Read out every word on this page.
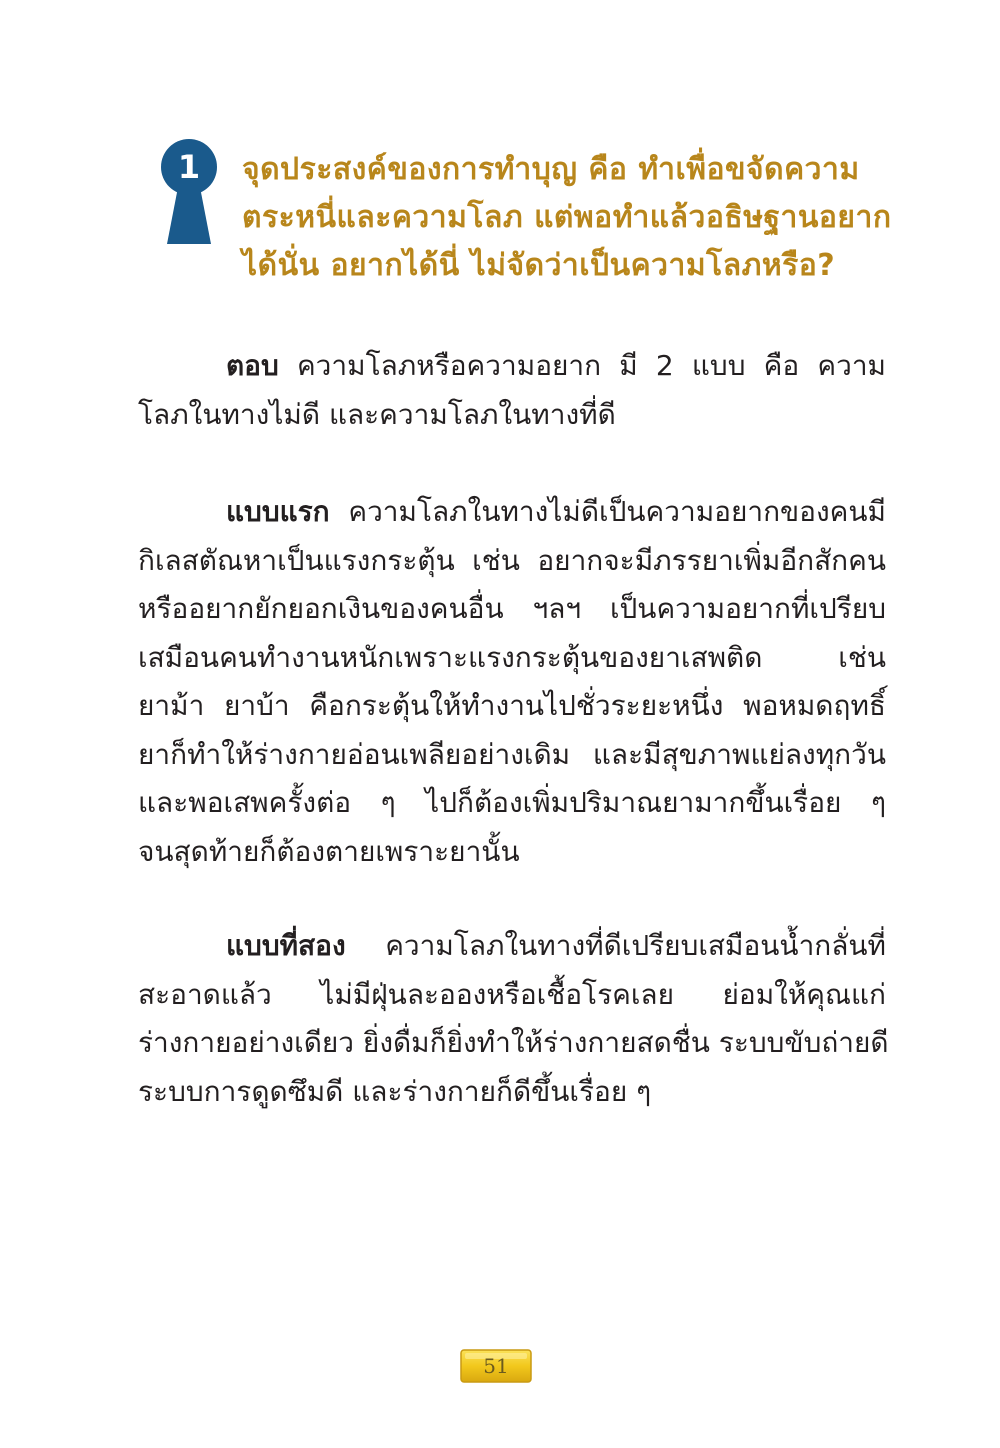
1 จุดประสงค์ของการทำบุญ คือ ทำเพื่อขจัดความ
ตระหนี่และความโลภ แต่พอทำแล้วอธิษฐานอยาก
ได้นั่น อยากได้นี่ ไม่จัดว่าเป็นความโลภหรือ?
ตอบ ความโลภหรือความอยาก มี 2 แบบ คือ ความ
โลภในทางไม่ดี และความโลภในทางที่ดี
แบบแรก ความโลภในทางไม่ดีเป็นความอยากของคนมี
กิเลสตัณหาเป็นแรงกระตุ้น เช่น อยากจะมีภรรยาเพิ่มอีกสักคน
หรืออยากยักยอกเงินของคนอื่น ฯลฯ เป็นความอยากที่เปรียบ
เสมือนคนทำงานหนักเพราะแรงกระตุ้นของยาเสพติด เช่น
ยาม้า ยาบ้า คือกระตุ้นให้ทำงานไปชั่วระยะหนึ่ง พอหมดฤทธิ์
ยาก็ทำให้ร่างกายอ่อนเพลียอย่างเดิม และมีสุขภาพแย่ลงทุกวัน
และพอเสพครั้งต่อ ๆ ไปก็ต้องเพิ่มปริมาณยามากขึ้นเรื่อย ๆ
จนสุดท้ายก็ต้องตายเพราะยานั้น
แบบที่สอง ความโลภในทางที่ดีเปรียบเสมือนน้ำกลั่นที่
สะอาดแล้ว ไม่มีฝุ่นละอองหรือเชื้อโรคเลย ย่อมให้คุณแก่
ร่างกายอย่างเดียว ยิ่งดื่มก็ยิ่งทำให้ร่างกายสดชื่น ระบบขับถ่ายดี
ระบบการดูดซึมดี และร่างกายก็ดีขึ้นเรื่อย ๆ
51
